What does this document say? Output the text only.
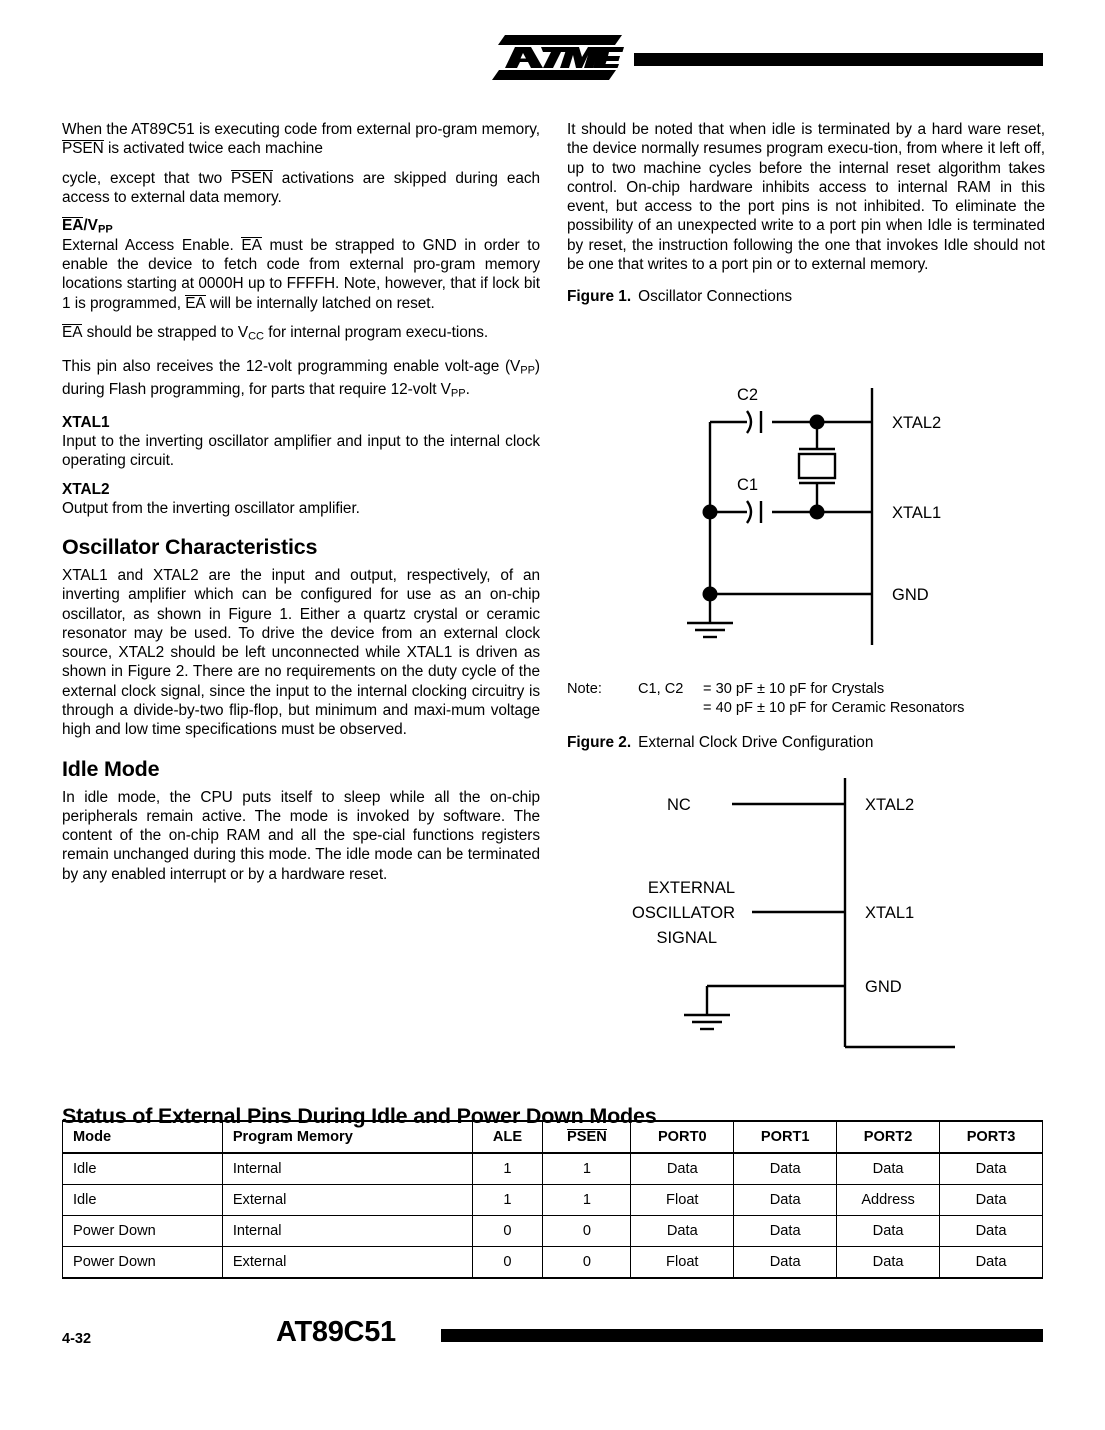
When the AT89C51 is executing code from external pro-gram memory, PSEN is activated twice each machine

cycle, except that two PSEN activations are skipped during each access to external data memory.

$EA/V_{PP}$

External Access Enable. EA must be strapped to GND in order to enable the device to fetch code from external pro-gram memory locations starting at 0000H up to FFFFH. Note, however, that if lock bit 1 is programmed, EA will be internally latched on reset.

EA should be strapped to $V_{CC}$ for internal program execu-tions.

This pin also receives the 12-volt programming enable volt-age $(V_{PP})$ during Flash programming, for parts that require 12-volt $V_{PP}$.

XTAL1

Input to the inverting oscillator amplifier and input to the internal clock operating circuit.

XTAL2

Output from the inverting oscillator amplifier.

Oscillator Characteristics

XTAL1 and XTAL2 are the input and output, respectively, of an inverting amplifier which can be configured for use as an on-chip oscillator, as shown in Figure 1. Either a quartz crystal or ceramic resonator may be used. To drive the device from an external clock source, XTAL2 should be left unconnected while XTAL1 is driven as shown in Figure 2. There are no requirements on the duty cycle of the external clock signal, since the input to the internal clocking circuitry is through a divide-by-two flip-flop, but minimum and maxi-mum voltage high and low time specifications must be observed.

Idle Mode

In idle mode, the CPU puts itself to sleep while all the on-chip peripherals remain active. The mode is invoked by software. The content of the on-chip RAM and all the spe-cial functions registers remain unchanged during this mode. The idle mode can be terminated by any enabled interrupt or by a hardware reset.

It should be noted that when idle is terminated by a hard ware reset, the device normally resumes program execu-tion, from where it left off, up to two machine cycles before the internal reset algorithm takes control. On-chip hardware inhibits access to internal RAM in this event, but access to the port pins is not inhibited. To eliminate the possibility of an unexpected write to a port pin when Idle is terminated by reset, the instruction following the one that invokes Idle should not be one that writes to a port pin or to external memory.

Figure 1. Oscillator Connections

C2
C1
XTAL2
XTAL1
GND
Note: C1, C2 = 30 pF ± 10 pF for Crystals
= 40 pF ± 10 pF for Ceramic Resonators

Figure 2. External Clock Drive Configuration

NC
EXTERNAL
OSCILLATOR
SIGNAL
XTAL2
XTAL1
GND
Status of External Pins During Idle and Power Down Modes
Mode	Program Memory	ALE	PSEN	PORT0	PORT1	PORT2	PORT3
Idle	Internal	1	1	Data	Data	Data	Data
Idle	External	1	1	Float	Data	Address	Data
Power Down	Internal	0	0	Data	Data	Data	Data
Power Down	External	0	0	Float	Data	Data	Data
4-32	AT89C51
